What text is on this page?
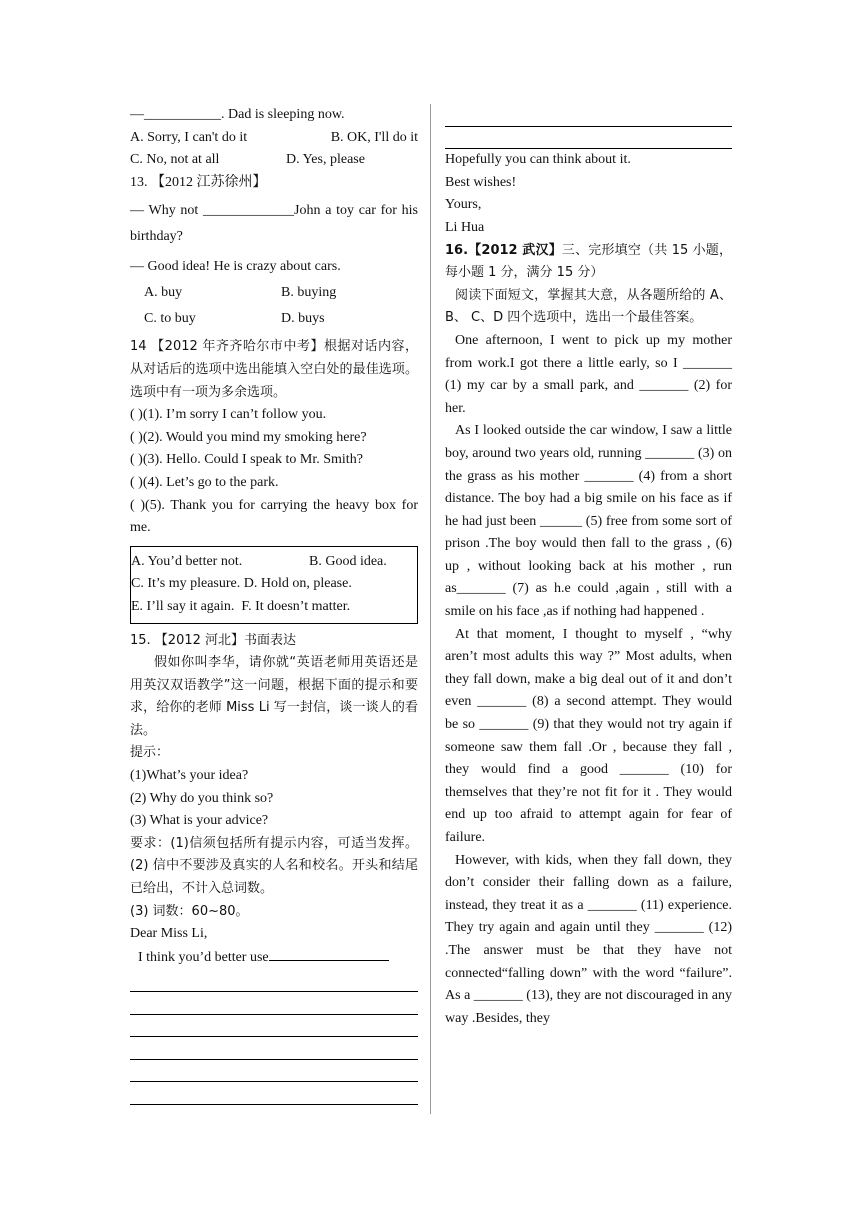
—___________. Dad is sleeping now.

A. Sorry, I can't do it	B. OK, I'll do it
C. No, not at all	D. Yes, please

13. 【2012 江苏徐州】

— Why not _____________John a toy car for his birthday?

— Good idea! He is crazy about cars.

A. buy	B. buying
C. to buy	D. buys

14 【2012 年齐齐哈尔市中考】根据对话内容，从对话后的选项中选出能填入空白处的最佳选项。选项中有一项为多余选项。

( )(1). I’m sorry I can’t follow you.

( )(2). Would you mind my smoking here?

( )(3). Hello. Could I speak to Mr. Smith?

( )(4). Let’s go to the park.

( )(5). Thank you for carrying the heavy box for me.

A. You’d better not.	B. Good idea.

C. It’s my pleasure. D. Hold on, please.

E. I’ll say it again. F. It doesn’t matter.

15. 【2012 河北】书面表达

假如你叫李华，请你就“英语老师用英语还是用英汉双语教学”这一问题，根据下面的提示和要求，给你的老师 Miss Li 写一封信，谈一谈人的看法。

提示：

(1)What’s your idea?

(2) Why do you think so?

(3) What is your advice?

要求：(1)信须包括所有提示内容，可适当发挥。(2) 信中不要涉及真实的人名和校名。开头和结尾已给出，不计入总词数。

(3) 词数：60~80。

Dear Miss Li,

I think you’d better use

Hopefully you can think about it.

Best wishes!

Yours,

Li Hua

16.【2012 武汉】三、完形填空（共 15 小题，每小题 1 分，满分 15 分）

阅读下面短文，掌握其大意，从各题所给的 A、 B、 C、D 四个选项中，选出一个最佳答案。

One afternoon, I went to pick up my mother from work.I got there a little early, so I _______ (1) my car by a small park, and _______ (2) for her.

As I looked outside the car window, I saw a little boy, around two years old, running _______ (3) on the grass as his mother _______ (4) from a short distance. The boy had a big smile on his face as if he had just been ______ (5) free from some sort of prison .The boy would then fall to the grass , (6) up , without looking back at his mother , run as_______ (7) as h.e could ,again , still with a smile on his face ,as if nothing had happened .

At that moment, I thought to myself , “why aren’t most adults this way ?” Most adults, when they fall down, make a big deal out of it and don’t even _______ (8) a second attempt. They would be so _______ (9) that they would not try again if someone saw them fall .Or , because they fall , they would find a good _______ (10) for themselves that they’re not fit for it . They would end up too afraid to attempt again for fear of failure.

However, with kids, when they fall down, they don’t consider their falling down as a failure, instead, they treat it as a _______ (11) experience. They try again and again until they _______ (12) .The answer must be that they have not connected“falling down” with the word “failure”. As a _______ (13), they are not discouraged in any way .Besides, they
